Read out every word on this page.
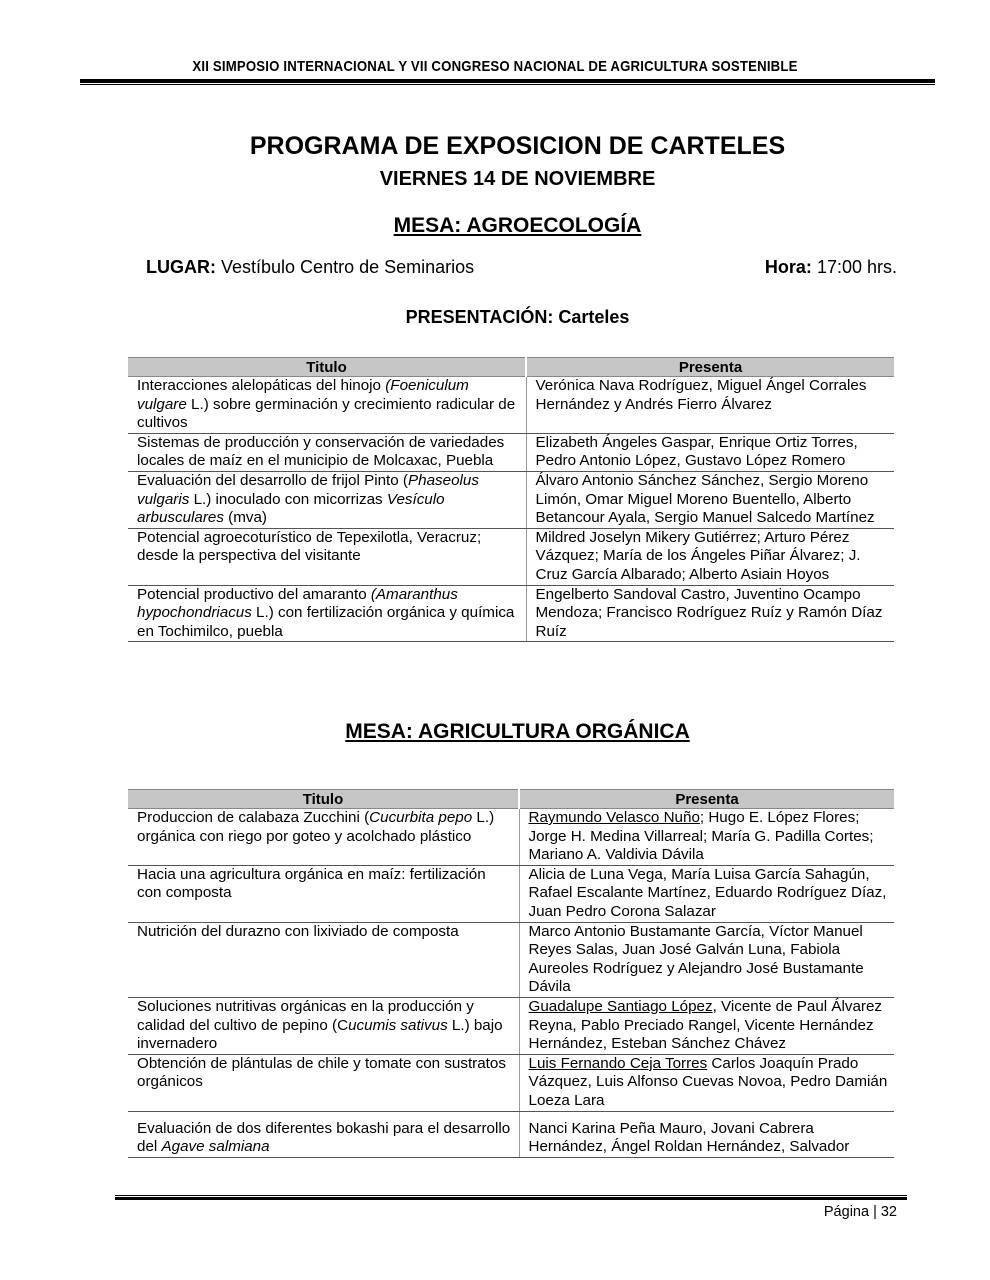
XII SIMPOSIO INTERNACIONAL Y VII CONGRESO NACIONAL DE AGRICULTURA SOSTENIBLE
PROGRAMA DE EXPOSICION DE CARTELES
VIERNES 14 DE NOVIEMBRE
MESA: AGROECOLOGÍA
LUGAR: Vestíbulo Centro de Seminarios	Hora: 17:00 hrs.
PRESENTACIÓN: Carteles
Titulo	Presenta
Interacciones alelopáticas del hinojo (Foeniculum vulgare L.) sobre germinación y crecimiento radicular de cultivos	Verónica Nava Rodríguez, Miguel Ángel Corrales Hernández y Andrés Fierro Álvarez
Sistemas de producción y conservación de variedades locales de maíz en el municipio de Molcaxac, Puebla	Elizabeth Ángeles Gaspar, Enrique Ortiz Torres, Pedro Antonio López, Gustavo López Romero
Evaluación del desarrollo de frijol Pinto (Phaseolus vulgaris L.) inoculado con micorrizas Vesículo arbusculares (mva)	Álvaro Antonio Sánchez Sánchez, Sergio Moreno Limón, Omar Miguel Moreno Buentello, Alberto Betancour Ayala, Sergio Manuel Salcedo Martínez
Potencial agroecoturístico de Tepexilotla, Veracruz; desde la perspectiva del visitante	Mildred Joselyn Mikery Gutiérrez; Arturo Pérez Vázquez; María de los Ángeles Piñar Álvarez; J. Cruz García Albarado; Alberto Asiain Hoyos
Potencial productivo del amaranto (Amaranthus hypochondriacus L.) con fertilización orgánica y química en Tochimilco, puebla	Engelberto Sandoval Castro, Juventino Ocampo Mendoza; Francisco Rodríguez Ruíz y Ramón Díaz Ruíz
MESA: AGRICULTURA ORGÁNICA
Titulo	Presenta
Produccion de calabaza Zucchini (Cucurbita pepo L.) orgánica con riego por goteo y acolchado plástico	Raymundo Velasco Nuño; Hugo E. López Flores; Jorge H. Medina Villarreal; María G. Padilla Cortes; Mariano A. Valdivia Dávila
Hacia una agricultura orgánica en maíz: fertilización con composta	Alicia de Luna Vega, María Luisa García Sahagún, Rafael Escalante Martínez, Eduardo Rodríguez Díaz, Juan Pedro Corona Salazar
Nutrición del durazno con lixiviado de composta	Marco Antonio Bustamante García, Víctor Manuel Reyes Salas, Juan José Galván Luna, Fabiola Aureoles Rodríguez y Alejandro José Bustamante Dávila
Soluciones nutritivas orgánicas en la producción y calidad del cultivo de pepino (Cucumis sativus L.) bajo invernadero	Guadalupe Santiago López, Vicente de Paul Álvarez Reyna, Pablo Preciado Rangel, Vicente Hernández Hernández, Esteban Sánchez Chávez
Obtención de plántulas de chile y tomate con sustratos orgánicos	Luis Fernando Ceja Torres Carlos Joaquín Prado Vázquez, Luis Alfonso Cuevas Novoa, Pedro Damián Loeza Lara
Evaluación de dos diferentes bokashi para el desarrollo del Agave salmiana	Nanci Karina Peña Mauro, Jovani Cabrera Hernández, Ángel Roldan Hernández, Salvador
Página | 32
